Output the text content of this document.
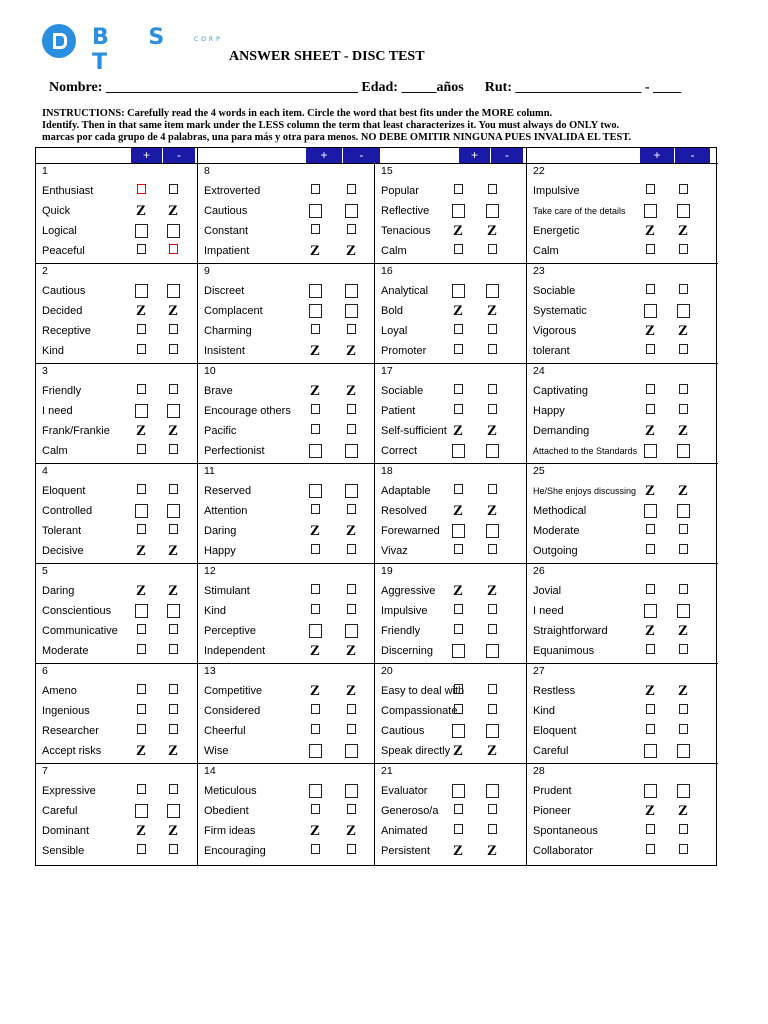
B S T
CORP
ANSWER SHEET - DISC TEST
Nombre: ____________________________________ Edad: _____años      Rut: __________________ - ____
INSTRUCTIONS: Carefully read the 4 words in each item. Circle the word that best fits under the MORE column.
Identify. Then in that same item mark under the LESS column the term that least characterizes it. You must always do ONLY two.
marcas por cada grupo de 4 palabras, una para más y otra para menos. NO DEBE OMITIR NINGUNA PUES INVALIDA EL TEST.
+	-
1
Enthusiast
Quick	Z Z
Logical
Peaceful
2
Cautious
Decided	Z Z
Receptive
Kind
3
Friendly
I need
Frank/Frankie Z Z
Calm
4
Eloquent
Controlled
Tolerant
Decisive	Z Z
5
Daring	Z Z
Conscientious
Communicative
Moderate
6
Ameno
Ingenious
Researcher
Accept risks Z Z
7
Expressive
Careful
Dominant	Z Z
Sensible
+	-
8
Extroverted
Cautious
Constant
Impatient	Z Z
9
Discreet
Complacent
Charming
Insistent	Z Z
10
Brave	Z Z
Encourage others
Pacific
Perfectionist
11
Reserved
Attention
Daring	Z Z
Happy
12
Stimulant
Kind
Perceptive
Independent	Z Z
13
Competitive	Z Z
Considered
Cheerful
Wise
14
Meticulous
Obedient
Firm ideas	Z Z
Encouraging
+	-
15
Popular
Reflective
Tenacious Z Z
Calm
16
Analytical
Bold	Z Z
Loyal
Promoter
17
Sociable
Patient
Self-sufficient Z Z
Correct
18
Adaptable
Resolved Z Z
Forewarned
Vivaz
19
Aggressive Z Z
Impulsive
Friendly
Discerning
20
Easy to deal with
Compassionate
Cautious
Speak directly Z Z
21
Evaluator
Generoso/a
Animated
Persistent Z Z
+	-
22
Impulsive
Take care of the details
Energetic	Z Z
Calm
23
Sociable
Systematic
Vigorous	Z Z
tolerant
24
Captivating
Happy
Demanding	Z Z
Attached to the Standards
25
He/She enjoys discussing Z Z
Methodical
Moderate
Outgoing
26
Jovial
I need
Straightforward Z Z
Equanimous
27
Restless	Z Z
Kind
Eloquent
Careful
28
Prudent
Pioneer	Z Z
Spontaneous
Collaborator
